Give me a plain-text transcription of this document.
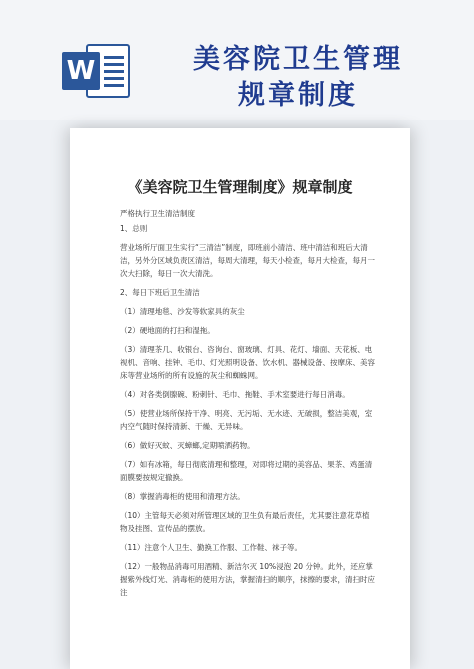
W	美容院卫生管理
规章制度
《美容院卫生管理制度》规章制度

严格执行卫生清洁制度

1、总则

营业场所厅面卫生实行“三清洁”制度，即班前小清洁、班中清洁和班后大清洁，另外分区域负责区清洁，每周大清理，每天小检查，每月大检查，每月一次大扫除，每日一次大清洗。

2、每日下班后卫生清洁

（1）清理地毯、沙发等软家具的灰尘

（2）硬地面的打扫和湿拖。

（3）清理茶几、收银台、咨询台、窗玻璃、灯具、花灯、墙面、天花板、电视机、音响、挂钟、毛巾、灯光照明设备、饮水机、器械设备、按摩床、美容床等营业场所的所有设施的灰尘和蜘蛛网。

（4）对各类倒腺碗、粉刺针、毛巾、拖鞋、手术室要进行每日消毒。

（5）使营业场所保持干净、明亮、无污垢、无水迹、无破损，整洁美观，室内空气随时保持清新、干燥、无异味。

（6）做好灭蚊、灭蟑螂,定期喷洒药物。

（7）如有冰箱，每日彻底清理和整理，对即将过期的美容品、果茶、鸡蛋清面膜要按规定撤换。

（8）掌握消毒柜的使用和清理方法。

（10）主管每天必须对所管理区域的卫生负有最后责任，尤其要注意花草植物及挂图、宣传品的摆放。

（11）注意个人卫生、勤换工作服、工作鞋、袜子等。

（12）一般物品消毒可用酒精、新洁尔灭 10%浸泡 20 分钟。此外，还应掌握紫外线灯光、消毒柜的使用方法，掌握清扫的顺序，抹擦的要求，清扫时应注
